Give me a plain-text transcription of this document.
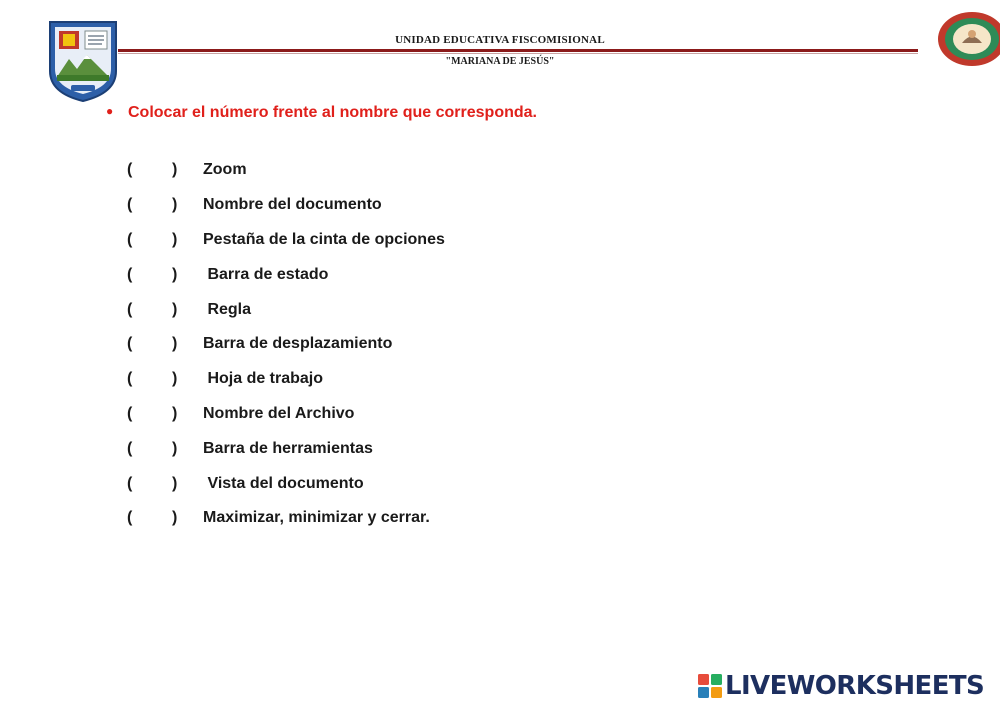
UNIDAD EDUCATIVA FISCOMISIONAL
"MARIANA DE JESÚS"
● Colocar el número frente al nombre que corresponda.
(	)	Zoom
(	)	Nombre del documento
(	)	Pestaña de la cinta de opciones
(	)	Barra de estado
(	)	Regla
(	)	Barra de desplazamiento
(	)	Hoja de trabajo
(	)	Nombre del Archivo
(	)	Barra de herramientas
(	)	Vista del documento
(	)	Maximizar, minimizar y cerrar.
LIVEWORKSHEETS
